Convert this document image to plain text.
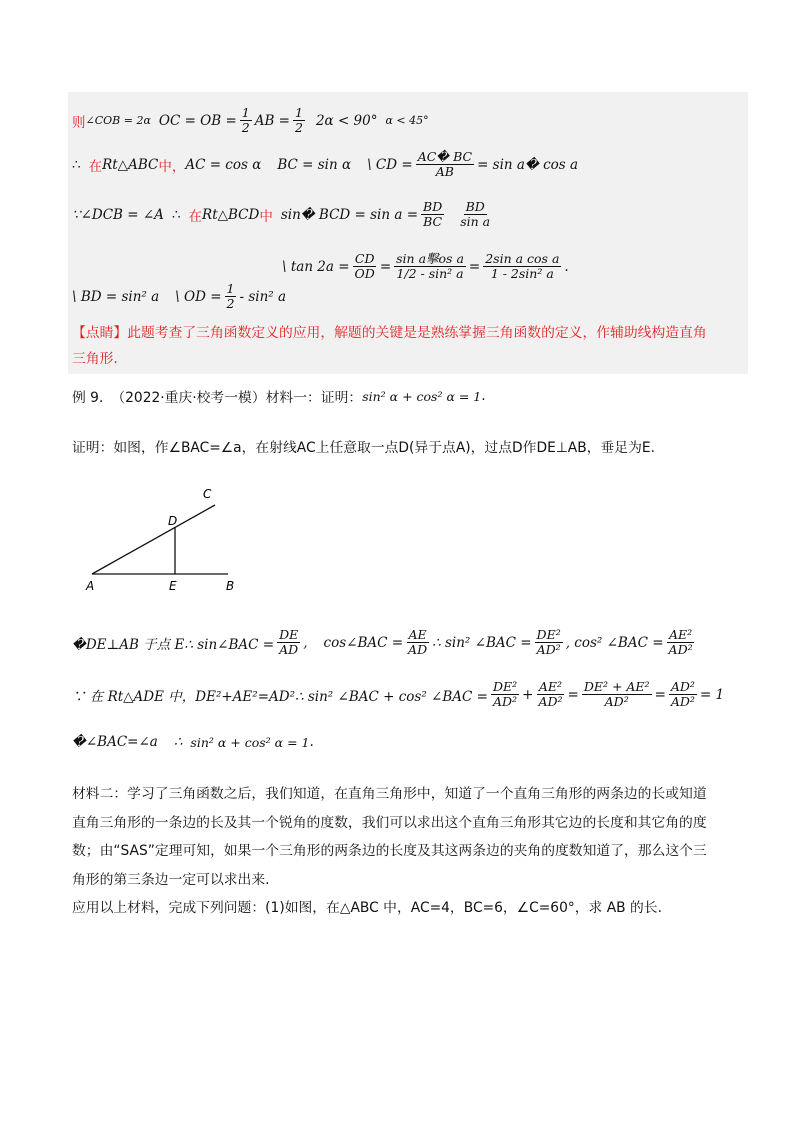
则 ∠COB = 2α OC = OB = $\frac{1}{2}$ AB = $\frac{1}{2} 2\alpha < 90^\circ$ α < 45°
∴ 在 Rt△ABC 中， AC = cos α BC = sin α \ CD = $\frac{AC� BC}{AB} = \sin$ a� cos a
∵∠DCB = ∠A ∴ 在 Rt△BCD 中 sin� BCD = $\sin a = \frac{BD}{BC} \frac{BD}{\text{sin a}}$
\ $\tan 2a = \frac{CD}{OD} = \frac{\text{sin a擊os a}}{\text{1/2 - sin² a}} = \frac{\text{2sin a cos a}}{\text{1 - 2sin² a}}$ .
\ BD = sin² a \ OD = $\frac{1}{2} - \sin^2$ a
【点睛】此题考查了三角函数定义的应用，解题的关键是是熟练掌握三角函数的定义，作辅助线构造直角
三角形.
例 9. （2022·重庆·校考一模）材料一：证明： sin² α + cos² α = 1 .
证明：如图，作∠BAC=∠a，在射线AC上任意取一点D(异于点A)，过点D作DE⊥AB，垂足为E.
C
D
A	E	B
�DE⊥AB 于点 E∴ sin∠BAC = $\frac{DE}{AD}$ , cos∠BAC = $\frac{AE}{AD}$ ∴ sin² ∠BAC = $\frac{\text{DE²}}{\text{AD²}}$ , cos² ∠BAC = $\frac{\text{AE²}}{\text{AD²}}$
∵ 在 Rt△ADE 中，DE²+AE²=AD²∴ sin² ∠BAC + cos² ∠BAC = $\frac{\text{DE²}}{\text{AD²}} + \frac{\text{AE²}}{\text{AD²}} = \frac{\text{DE² + AE²}}{\text{AD²}} = \frac{\text{AD²}}{\text{AD²}} = 1$
�∠BAC=∠a ∴ sin² α + cos² α = 1 .
材料二：学习了三角函数之后，我们知道，在直角三角形中，知道了一个直角三角形的两条边的长或知道
直角三角形的一条边的长及其一个锐角的度数，我们可以求出这个直角三角形其它边的长度和其它角的度
数；由“SAS”定理可知，如果一个三角形的两条边的长度及其这两条边的夹角的度数知道了，那么这个三
角形的第三条边一定可以求出来.
应用以上材料，完成下列问题：(1)如图，在△ABC 中，AC=4，BC=6，∠C=60°，求 AB 的长.
